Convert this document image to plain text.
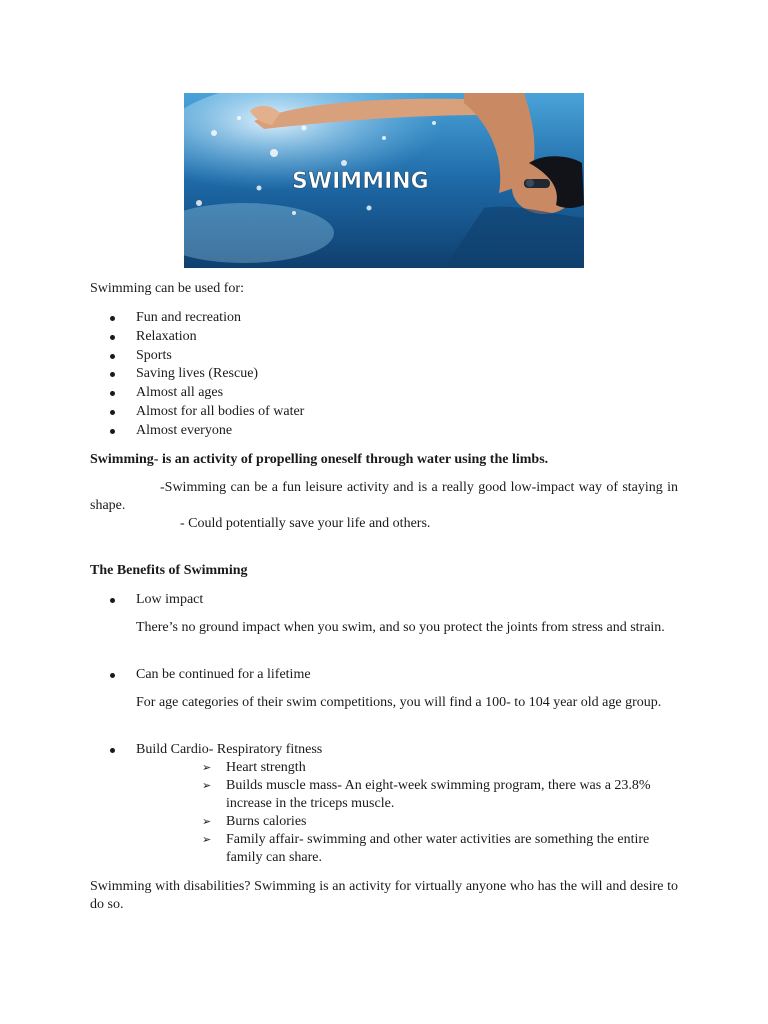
SWIMMING
Swimming can be used for:
Fun and recreation
Relaxation
Sports
Saving lives (Rescue)
Almost all ages
Almost for all bodies of water
Almost everyone
Swimming- is an activity of propelling oneself through water using the limbs.
-Swimming can be a fun leisure activity and is a really good low-impact way of staying in shape.
- Could potentially save your life and others.
The Benefits of Swimming
Low impact
There’s no ground impact when you swim, and so you protect the joints from stress and strain.
Can be continued for a lifetime
For age categories of their swim competitions, you will find a 100- to 104 year old age group.
Build Cardio- Respiratory fitness
➢ Heart strength
➢ Builds muscle mass- An eight-week swimming program, there was a 23.8% increase in the triceps muscle.
➢ Burns calories
➢ Family affair- swimming and other water activities are something the entire family can share.
Swimming with disabilities? Swimming is an activity for virtually anyone who has the will and desire to do so.
